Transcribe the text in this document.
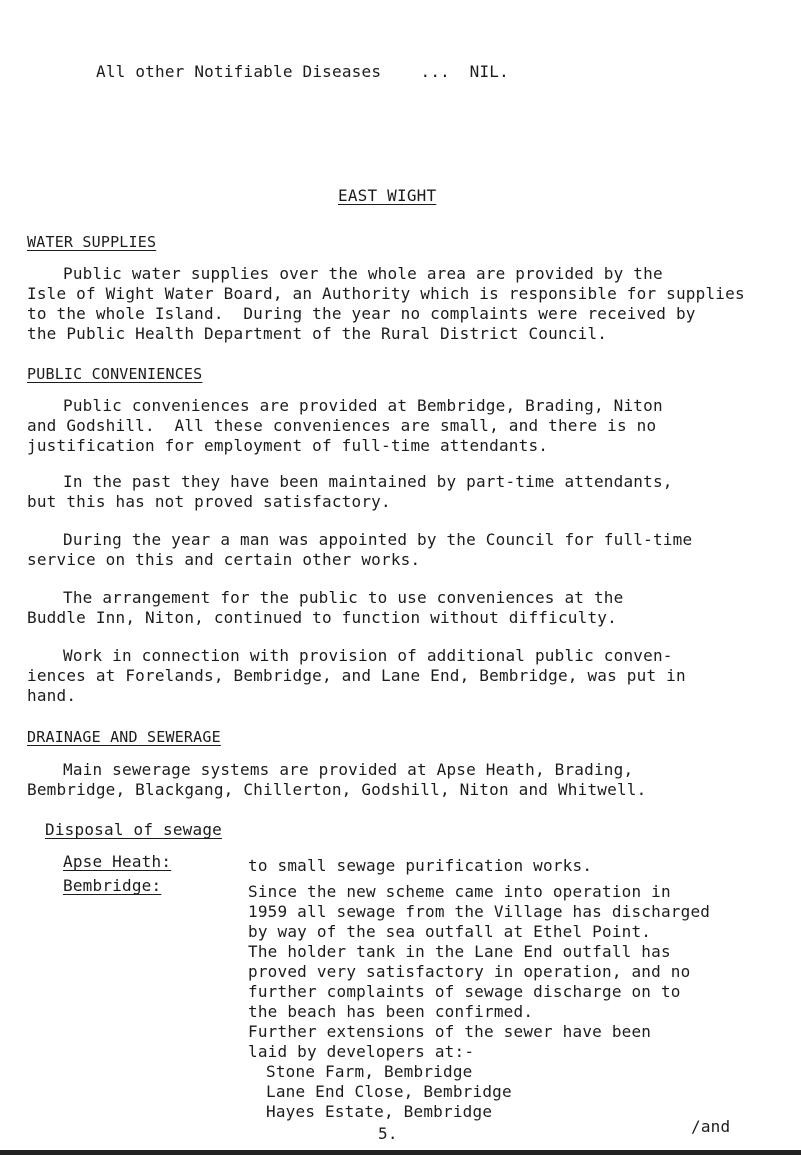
All other Notifiable Diseases    ...  NIL.
EAST WIGHT
WATER SUPPLIES
Public water supplies over the whole area are provided by the
Isle of Wight Water Board, an Authority which is responsible for supplies
to the whole Island.  During the year no complaints were received by
the Public Health Department of the Rural District Council.
PUBLIC CONVENIENCES
Public conveniences are provided at Bembridge, Brading, Niton
and Godshill.  All these conveniences are small, and there is no
justification for employment of full-time attendants.
In the past they have been maintained by part-time attendants,
but this has not proved satisfactory.
During the year a man was appointed by the Council for full-time
service on this and certain other works.
The arrangement for the public to use conveniences at the
Buddle Inn, Niton, continued to function without difficulty.
Work in connection with provision of additional public conven-
iences at Forelands, Bembridge, and Lane End, Bembridge, was put in
hand.
DRAINAGE AND SEWERAGE
Main sewerage systems are provided at Apse Heath, Brading,
Bembridge, Blackgang, Chillerton, Godshill, Niton and Whitwell.
Disposal of sewage
Apse Heath:	to small sewage purification works.
Bembridge:	Since the new scheme came into operation in
1959 all sewage from the Village has discharged
by way of the sea outfall at Ethel Point.
The holder tank in the Lane End outfall has
proved very satisfactory in operation, and no
further complaints of sewage discharge on to
the beach has been confirmed.
Further extensions of the sewer have been
laid by developers at:-
Stone Farm, Bembridge
Lane End Close, Bembridge
Hayes Estate, Bembridge
5.	/and
